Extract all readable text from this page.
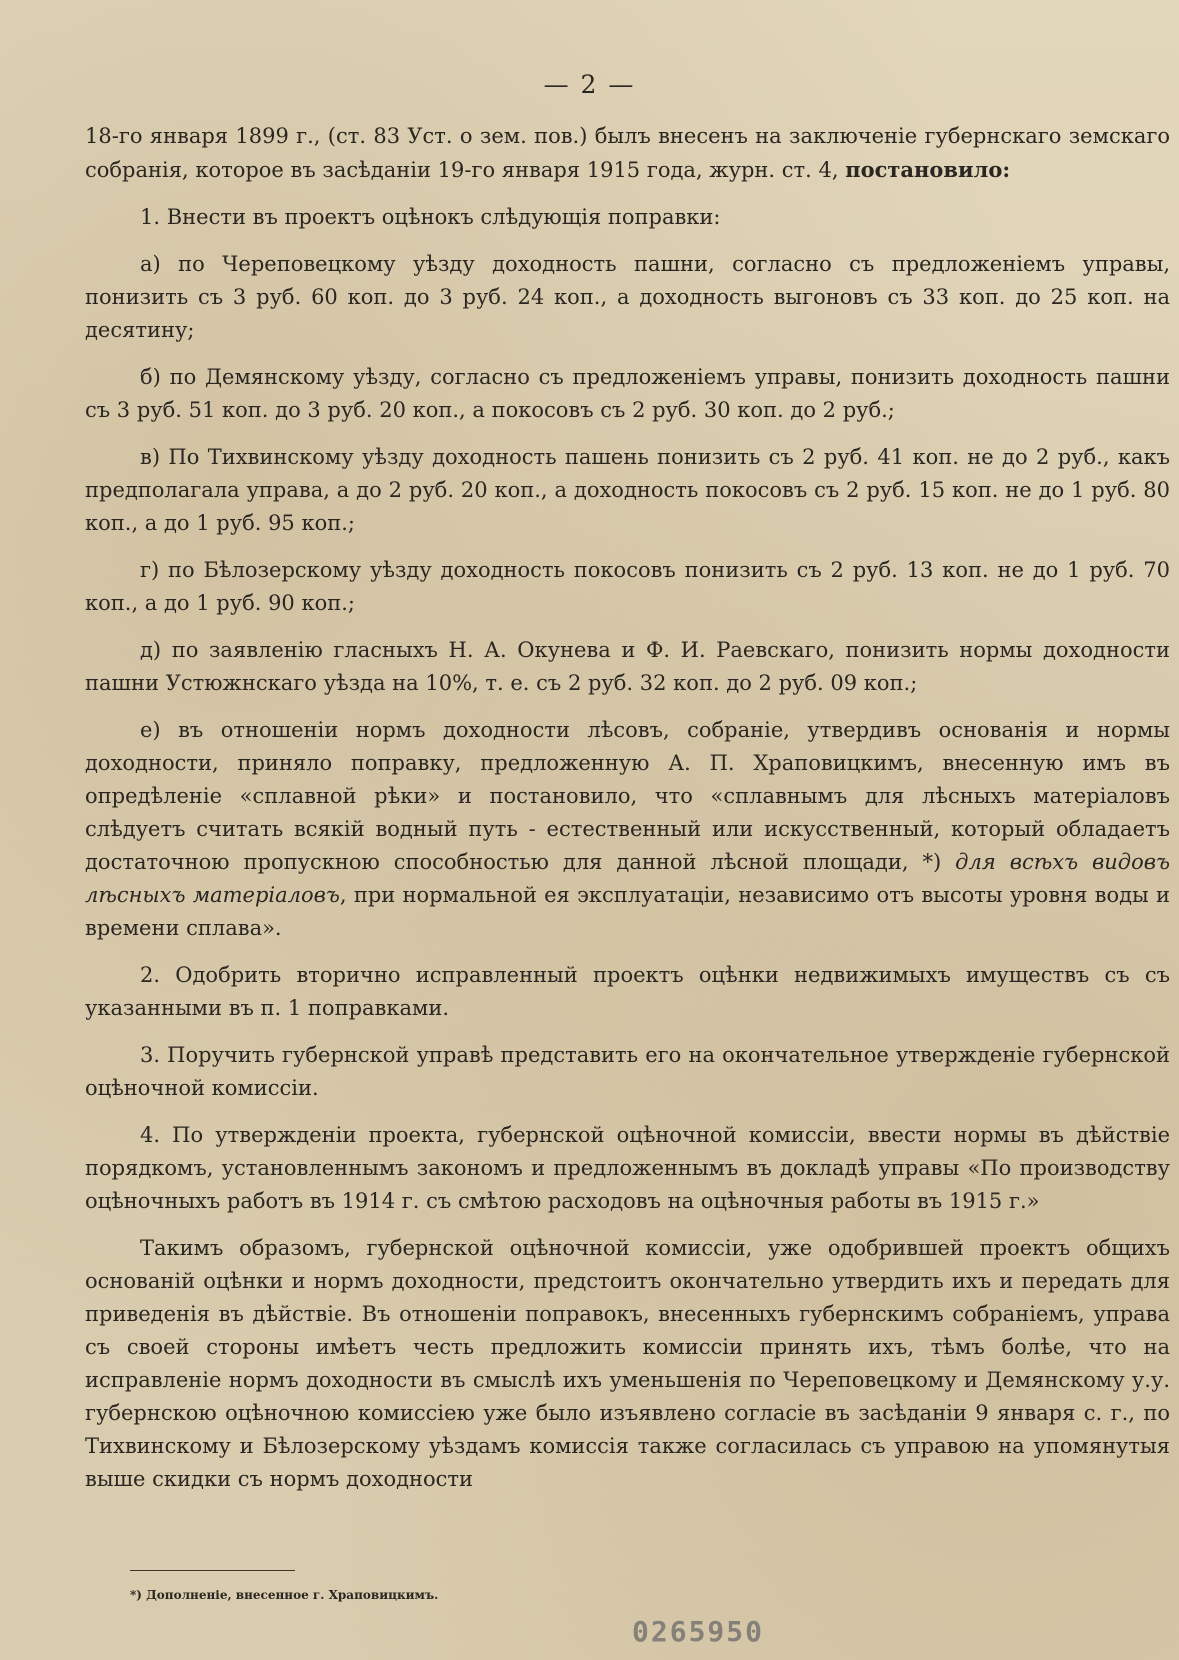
— 2 —

18-го января 1899 г., (ст. 83 Уст. о зем. пов.) былъ внесенъ на заключеніе губернскаго земскаго собранія, которое въ засѣданіи 19-го января 1915 года, журн. ст. 4, постановило:

1. Внести въ проектъ оцѣнокъ слѣдующія поправки:

а) по Череповецкому уѣзду доходность пашни, согласно съ предложеніемъ управы, понизить съ 3 руб. 60 коп. до 3 руб. 24 коп., а доходность выгоновъ съ 33 коп. до 25 коп. на десятину;

б) по Демянскому уѣзду, согласно съ предложеніемъ управы, понизить доходность пашни съ 3 руб. 51 коп. до 3 руб. 20 коп., а покосовъ съ 2 руб. 30 коп. до 2 руб.;

в) По Тихвинскому уѣзду доходность пашень понизить съ 2 руб. 41 коп. не до 2 руб., какъ предполагала управа, а до 2 руб. 20 коп., а доходность покосовъ съ 2 руб. 15 коп. не до 1 руб. 80 коп., а до 1 руб. 95 коп.;

г) по Бѣлозерскому уѣзду доходность покосовъ понизить съ 2 руб. 13 коп. не до 1 руб. 70 коп., а до 1 руб. 90 коп.;

д) по заявленію гласныхъ Н. А. Окунева и Ф. И. Раевскаго, понизить нормы доходности пашни Устюжнскаго уѣзда на 10%, т. е. съ 2 руб. 32 коп. до 2 руб. 09 коп.;

е) въ отношеніи нормъ доходности лѣсовъ, собраніе, утвердивъ основанія и нормы доходности, приняло поправку, предложенную А. П. Храповицкимъ, внесенную имъ въ опредѣленіе «сплавной рѣки» и постановило, что «сплавнымъ для лѣсныхъ матеріаловъ слѣдуетъ считать всякій водный путь - естественный или искусственный, который обладаетъ достаточною пропускною способностью для данной лѣсной площади, *) для всѣхъ видовъ лѣсныхъ матеріаловъ, при нормальной ея эксплуатаціи, независимо отъ высоты уровня воды и времени сплава».

2. Одобрить вторично исправленный проектъ оцѣнки недвижимыхъ имуществъ съ съ указанными въ п. 1 поправками.

3. Поручить губернской управѣ представить его на окончательное утвержденіе губернской оцѣночной комиссіи.

4. По утвержденіи проекта, губернской оцѣночной комиссіи, ввести нормы въ дѣйствіе порядкомъ, установленнымъ закономъ и предложеннымъ въ докладѣ управы «По производству оцѣночныхъ работъ въ 1914 г. съ смѣтою расходовъ на оцѣночныя работы въ 1915 г.»

Такимъ образомъ, губернской оцѣночной комиссіи, уже одобрившей проектъ общихъ основаній оцѣнки и нормъ доходности, предстоитъ окончательно утвердить ихъ и передать для приведенія въ дѣйствіе. Въ отношеніи поправокъ, внесенныхъ губернскимъ собраніемъ, управа съ своей стороны имѣетъ честь предложить комиссіи принять ихъ, тѣмъ болѣе, что на исправленіе нормъ доходности въ смыслѣ ихъ уменьшенія по Череповецкому и Демянскому у.у. губернскою оцѣночною комиссіею уже было изъявлено согласіе въ засѣданіи 9 января с. г., по Тихвинскому и Бѣлозерскому уѣздамъ комиссія также согласилась съ управою на упомянутыя выше скидки съ нормъ доходности

*) Дополненіе, внесенное г. Храповицкимъ.
0265950
